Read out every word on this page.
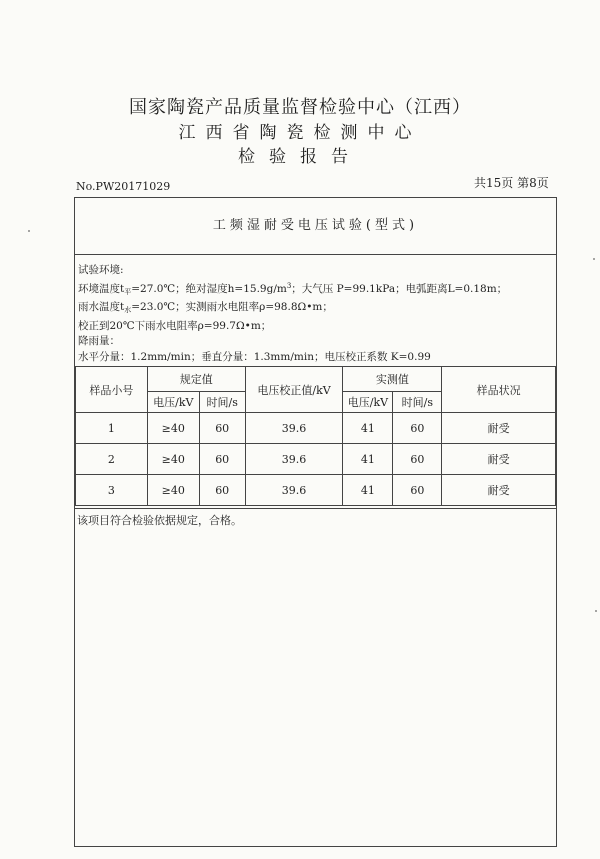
国家陶瓷产品质量监督检验中心（江西）
江西省陶瓷检测中心
检验报告
No.PW20171029	共15页 第8页
工频湿耐受电压试验(型式)
试验环境:
环境温度$t_平=27.0℃$；绝对湿度$h=15.9g/m^3$；大气压 P=99.1kPa；电弧距离L=0.18m；
雨水温度$t_水=23.0℃$；实测雨水电阻率ρ=98.8Ω•m；
校正到20℃下雨水电阻率ρ=99.7Ω•m；
降雨量：
水平分量：1.2mm/min；垂直分量：1.3mm/min；电压校正系数 K=0.99
样品小号	规定值		电压校正值/kV	实测值		样品状况
	电压/kV	时间/s		电压/kV	时间/s	
1	≥40	60	39.6	41	60	耐受
2	≥40	60	39.6	41	60	耐受
3	≥40	60	39.6	41	60	耐受
该项目符合检验依据规定，合格。
